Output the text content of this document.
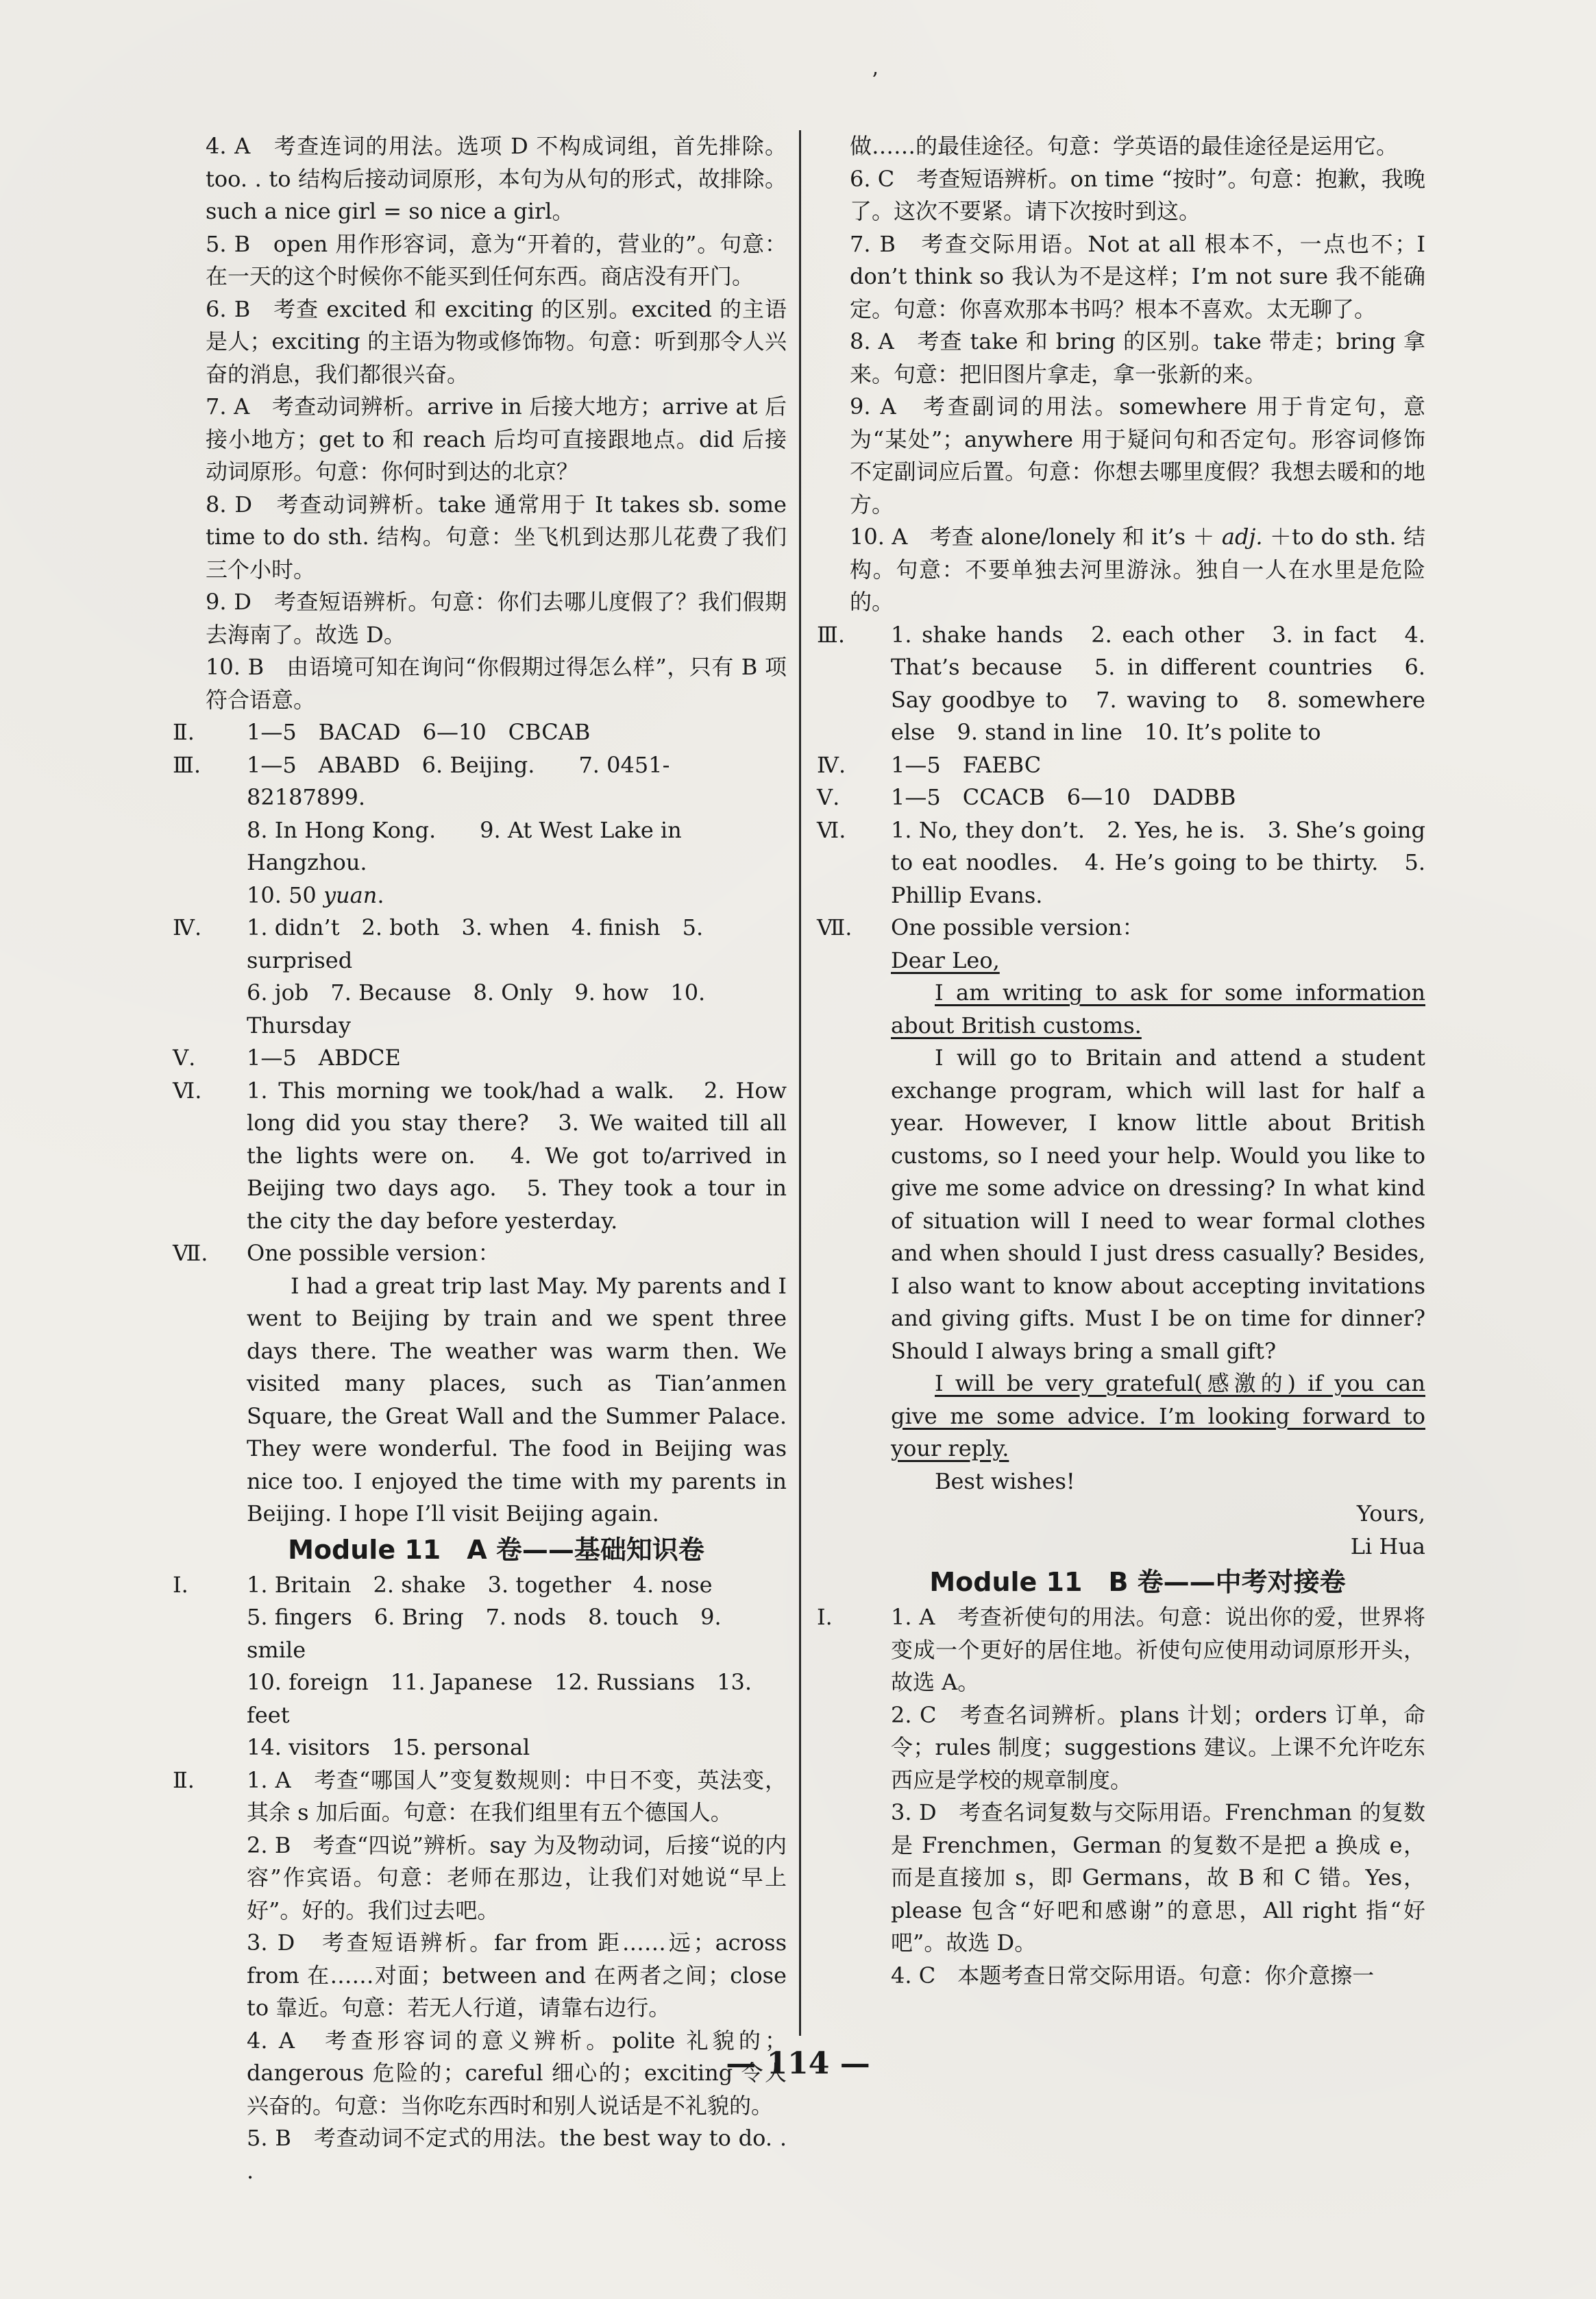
’

4. A　考查连词的用法。选项 D 不构成词组，首先排除。too. . to 结构后接动词原形，本句为从句的形式，故排除。such a nice girl = so nice a girl。

5. B　open 用作形容词，意为“开着的，营业的”。句意：在一天的这个时候你不能买到任何东西。商店没有开门。

6. B　考查 excited 和 exciting 的区别。excited 的主语是人；exciting 的主语为物或修饰物。句意：听到那令人兴奋的消息，我们都很兴奋。

7. A　考查动词辨析。arrive in 后接大地方；arrive at 后接小地方；get to 和 reach 后均可直接跟地点。did 后接动词原形。句意：你何时到达的北京？

8. D　考查动词辨析。take 通常用于 It takes sb. some time to do sth. 结构。句意：坐飞机到达那儿花费了我们三个小时。

9. D　考查短语辨析。句意：你们去哪儿度假了？我们假期去海南了。故选 D。

10. B　由语境可知在询问“你假期过得怎么样”，只有 B 项符合语意。

Ⅱ. 1—5　BACAD　6—10　CBCAB
Ⅲ. 1—5　ABABD　6. Beijing.　　7. 0451-82187899.
8. In Hong Kong.　　9. At West Lake in Hangzhou.
10. 50 yuan.
Ⅳ. 1. didn’t　2. both　3. when　4. finish　5. surprised
6. job　7. Because　8. Only　9. how　10. Thursday
Ⅴ. 1—5　ABDCE
Ⅵ. 1. This morning we took/had a walk.　2. How long did you stay there?　3. We waited till all the lights were on.　4. We got to/arrived in Beijing two days ago.　5. They took a tour in the city the day before yesterday.
Ⅶ. One possible version：
I had a great trip last May. My parents and I went to Beijing by train and we spent three days there. The weather was warm then. We visited many places, such as Tian’anmen Square, the Great Wall and the Summer Palace. They were wonderful. The food in Beijing was nice too. I enjoyed the time with my parents in Beijing. I hope I’ll visit Beijing again.
Module 11　A 卷——基础知识卷
Ⅰ.	1. Britain　2. shake　3. together　4. nose
5. fingers　6. Bring　7. nods　8. touch　9. smile
10. foreign　11. Japanese　12. Russians　13. feet
14. visitors　15. personal
Ⅱ. 1. A　考查“哪国人”变复数规则：中日不变，英法变，其余 s 加后面。句意：在我们组里有五个德国人。
2. B　考查“四说”辨析。say 为及物动词，后接“说的内容”作宾语。句意：老师在那边，让我们对她说“早上好”。好的。我们过去吧。
3. D　考查短语辨析。far from 距……远；across from 在……对面；between and 在两者之间；close to 靠近。句意：若无人行道，请靠右边行。
4. A　考查形容词的意义辨析。polite 礼貌的；dangerous 危险的；careful 细心的；exciting 令人兴奋的。句意：当你吃东西时和别人说话是不礼貌的。
5. B　考查动词不定式的用法。the best way to do. . .

做……的最佳途径。句意：学英语的最佳途径是运用它。

6. C　考查短语辨析。on time “按时”。句意：抱歉，我晚了。这次不要紧。请下次按时到这。

7. B　考查交际用语。Not at all 根本不，一点也不；I don’t think so 我认为不是这样；I’m not sure 我不能确定。句意：你喜欢那本书吗？根本不喜欢。太无聊了。

8. A　考查 take 和 bring 的区别。take 带走；bring 拿来。句意：把旧图片拿走，拿一张新的来。

9. A　考查副词的用法。somewhere 用于肯定句，意为“某处”；anywhere 用于疑问句和否定句。形容词修饰不定副词应后置。句意：你想去哪里度假？我想去暖和的地方。

10. A　考查 alone/lonely 和 it’s ＋ adj. ＋to do sth. 结构。句意：不要单独去河里游泳。独自一人在水里是危险的。

Ⅲ. 1. shake hands　2. each other　3. in fact　4. That’s because　5. in different countries　6. Say goodbye to　7. waving to　8. somewhere else　9. stand in line　10. It’s polite to
Ⅳ. 1—5　FAEBC
Ⅴ. 1—5　CCACB　6—10　DADBB
Ⅵ. 1. No, they don’t.　2. Yes, he is.　3. She’s going to eat noodles.　4. He’s going to be thirty.　5. Phillip Evans.
Ⅶ. One possible version：
Dear Leo,
I am writing to ask for some information about British customs.
I will go to Britain and attend a student exchange program, which will last for half a year. However, I know little about British customs, so I need your help. Would you like to give me some advice on dressing? In what kind of situation will I need to wear formal clothes and when should I just dress casually? Besides, I also want to know about accepting invitations and giving gifts. Must I be on time for dinner? Should I always bring a small gift?
I will be very grateful(感激的) if you can give me some advice. I’m looking forward to your reply.
Best wishes!
Yours,
Li Hua
Module 11　B 卷——中考对接卷
Ⅰ.	1. A　考查祈使句的用法。句意：说出你的爱，世界将变成一个更好的居住地。祈使句应使用动词原形开头，故选 A。
2. C　考查名词辨析。plans 计划；orders 订单，命令；rules 制度；suggestions 建议。上课不允许吃东西应是学校的规章制度。
3. D　考查名词复数与交际用语。Frenchman 的复数是 Frenchmen，German 的复数不是把 a 换成 e，而是直接加 s，即 Germans，故 B 和 C 错。Yes，please 包含“好吧和感谢”的意思，All right 指“好吧”。故选 D。
4. C　本题考查日常交际用语。句意：你介意擦一
— 114 —
